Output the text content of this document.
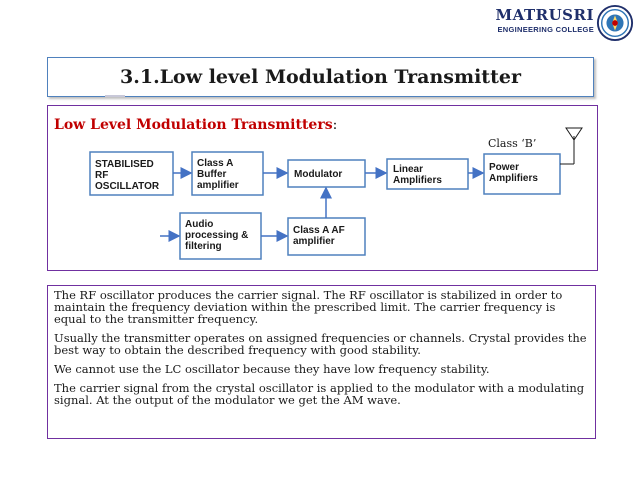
MATRUSRI
ENGINEERING COLLEGE
3.1.Low level Modulation Transmitter
Low Level Modulation Transmitters:
Class ‘B’
STABILISED
RF
OSCILLATOR
Class A
Buffer
amplifier
Modulator	Linear
Amplifiers
Power
Amplifiers
Audio
processing &
filtering
Class A AF
amplifier

The RF oscillator produces the carrier signal. The RF oscillator is stabilized in order to maintain the frequency deviation within the prescribed limit. The carrier frequency is equal to the transmitter frequency.

Usually the transmitter operates on assigned frequencies or channels. Crystal provides the best way to obtain the described frequency with good stability.

We cannot use the LC oscillator because they have low frequency stability.

The carrier signal from the crystal oscillator is applied to the modulator with a modulating signal. At the output of the modulator we get the AM wave.
